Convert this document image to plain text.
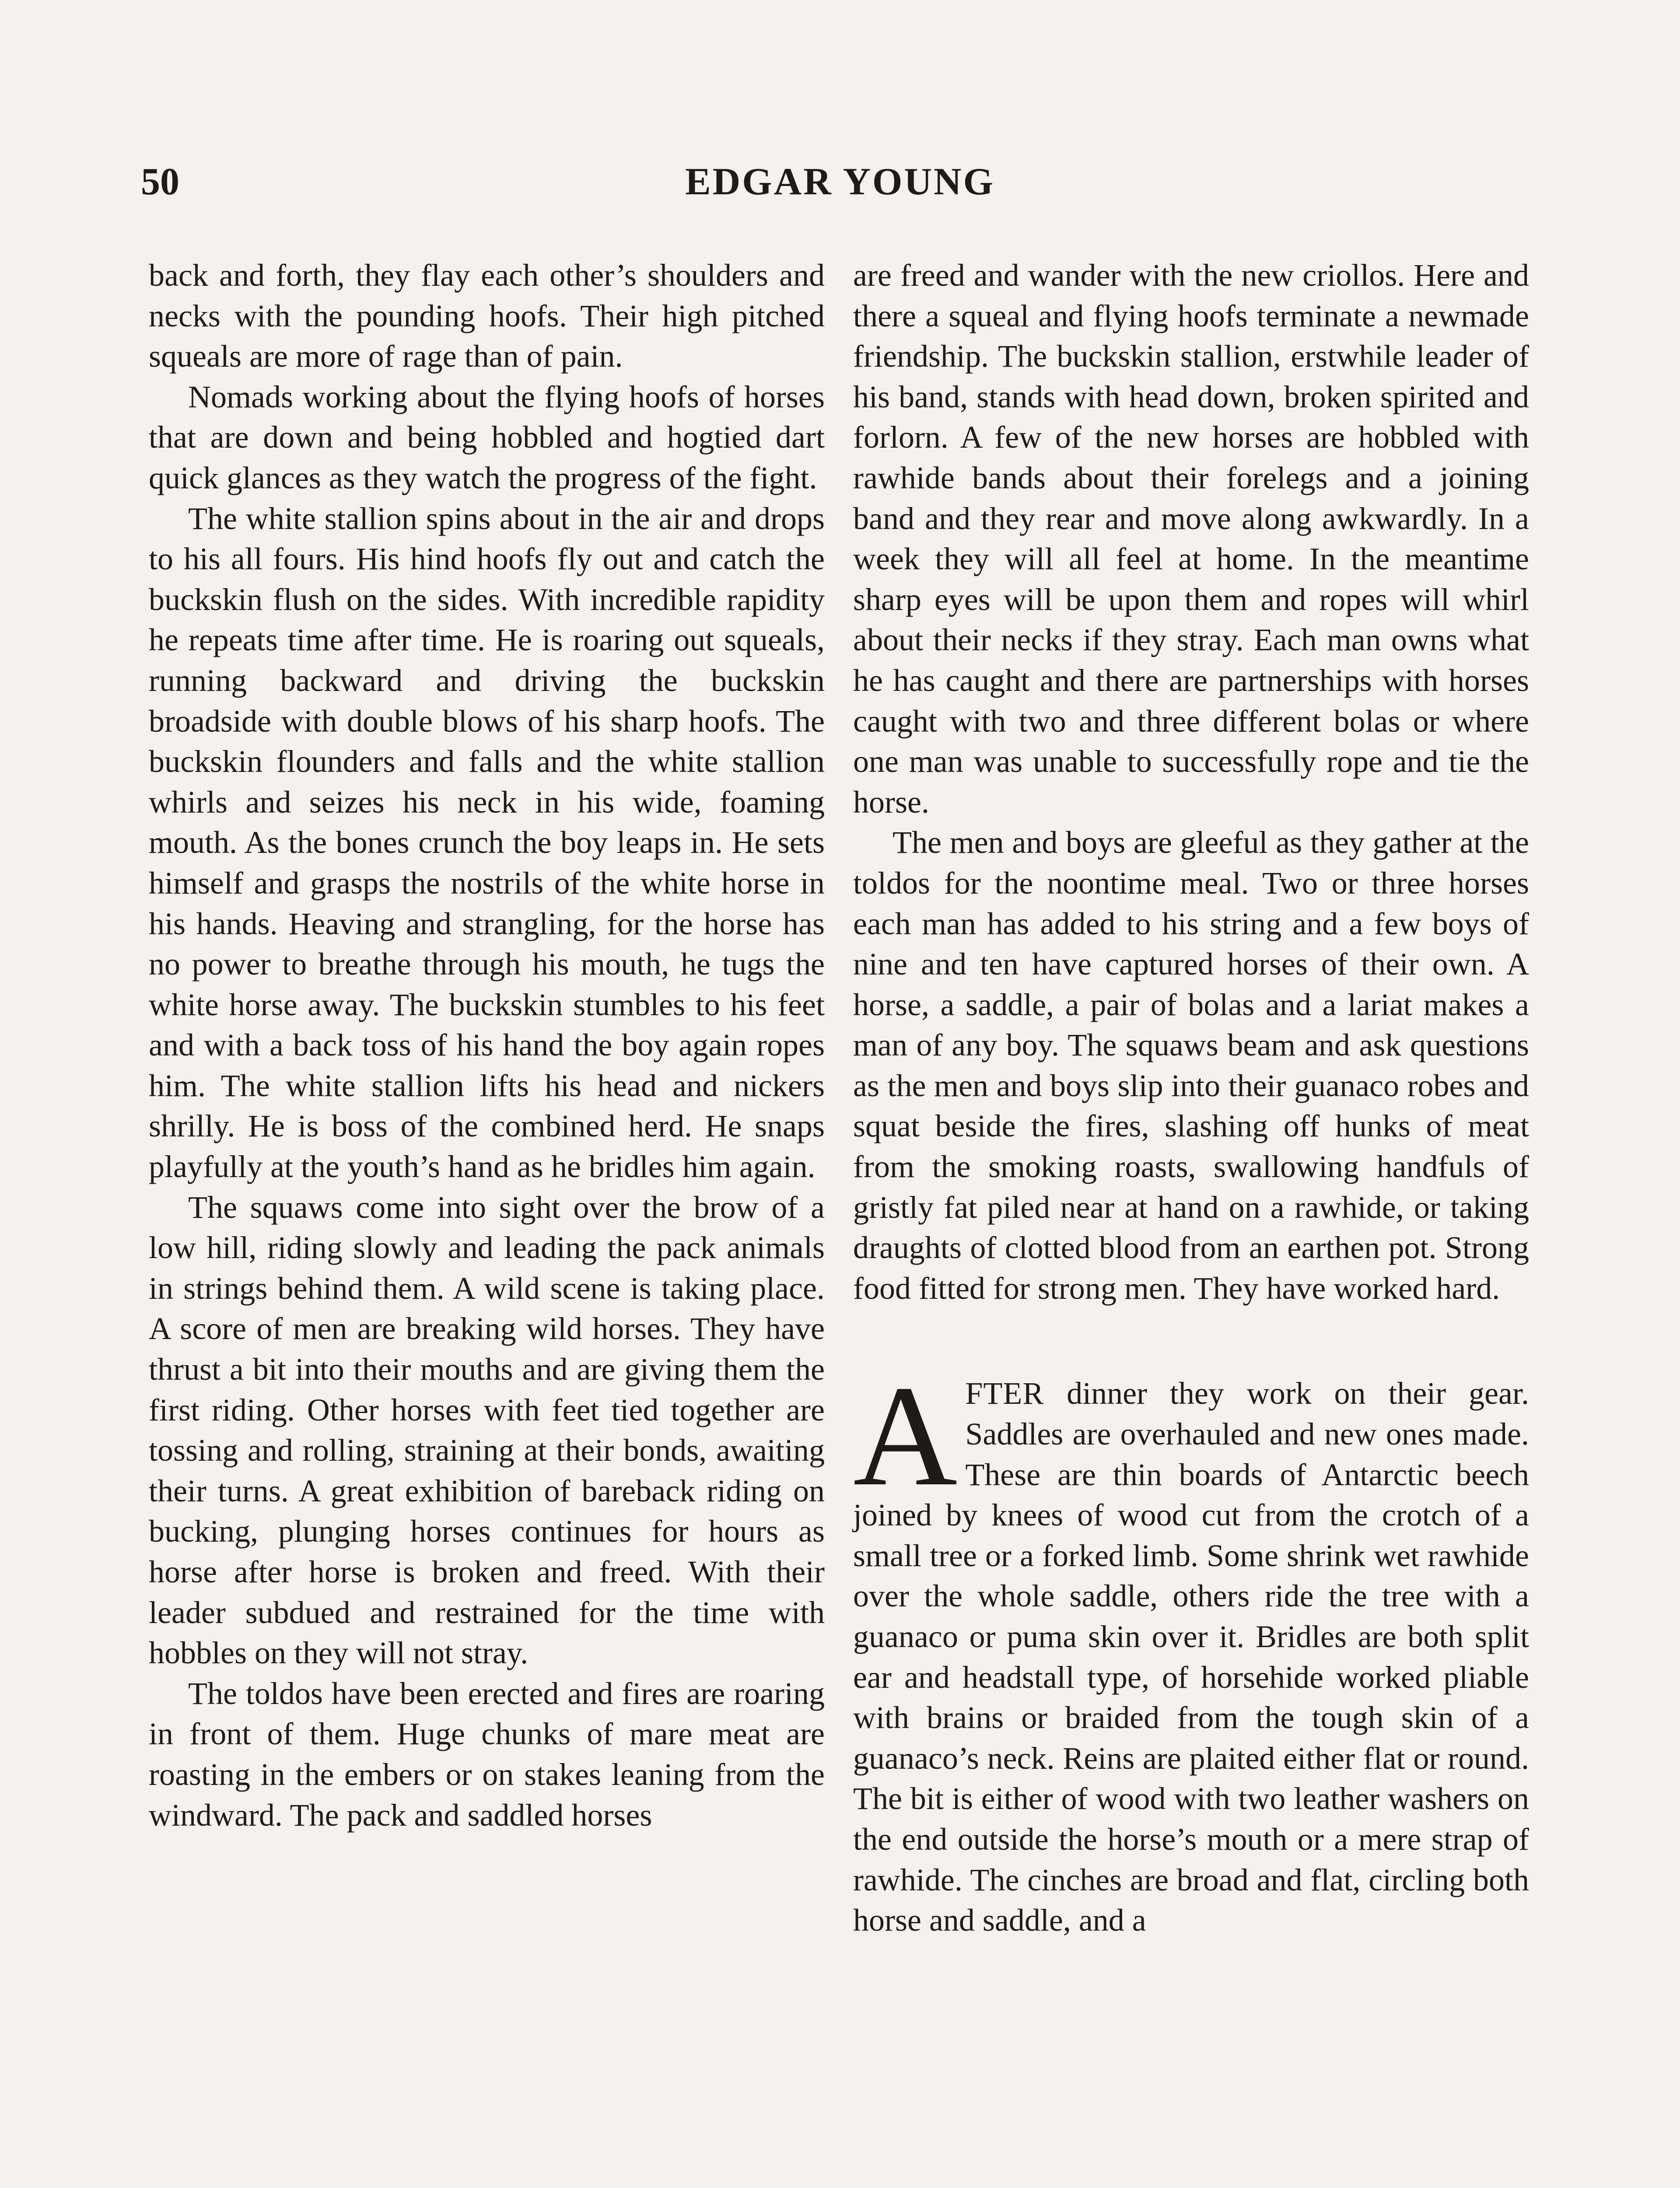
50	EDGAR YOUNG

back and forth, they flay each other’s shoulders and necks with the pounding hoofs. Their high pitched squeals are more of rage than of pain.

Nomads working about the flying hoofs of horses that are down and being hobbled and hogtied dart quick glances as they watch the progress of the fight.

The white stallion spins about in the air and drops to his all fours. His hind hoofs fly out and catch the buckskin flush on the sides. With incredible rapidity he repeats time after time. He is roaring out squeals, running backward and driving the buckskin broadside with double blows of his sharp hoofs. The buckskin flounders and falls and the white stallion whirls and seizes his neck in his wide, foaming mouth. As the bones crunch the boy leaps in. He sets himself and grasps the nostrils of the white horse in his hands. Heaving and strangling, for the horse has no power to breathe through his mouth, he tugs the white horse away. The buckskin stumbles to his feet and with a back toss of his hand the boy again ropes him. The white stallion lifts his head and nickers shrilly. He is boss of the combined herd. He snaps playfully at the youth’s hand as he bridles him again.

The squaws come into sight over the brow of a low hill, riding slowly and leading the pack animals in strings behind them. A wild scene is taking place. A score of men are breaking wild horses. They have thrust a bit into their mouths and are giving them the first riding. Other horses with feet tied together are tossing and rolling, straining at their bonds, awaiting their turns. A great exhibition of bareback riding on bucking, plunging horses continues for hours as horse after horse is broken and freed. With their leader subdued and restrained for the time with hobbles on they will not stray.

The toldos have been erected and fires are roaring in front of them. Huge chunks of mare meat are roasting in the embers or on stakes leaning from the windward. The pack and saddled horses

are freed and wander with the new criollos. Here and there a squeal and flying hoofs terminate a newmade friendship. The buckskin stallion, erstwhile leader of his band, stands with head down, broken spirited and forlorn. A few of the new horses are hobbled with rawhide bands about their forelegs and a joining band and they rear and move along awkwardly. In a week they will all feel at home. In the meantime sharp eyes will be upon them and ropes will whirl about their necks if they stray. Each man owns what he has caught and there are partnerships with horses caught with two and three different bolas or where one man was unable to successfully rope and tie the horse.

The men and boys are gleeful as they gather at the toldos for the noontime meal. Two or three horses each man has added to his string and a few boys of nine and ten have captured horses of their own. A horse, a saddle, a pair of bolas and a lariat makes a man of any boy. The squaws beam and ask questions as the men and boys slip into their guanaco robes and squat beside the fires, slashing off hunks of meat from the smoking roasts, swallowing handfuls of gristly fat piled near at hand on a rawhide, or taking draughts of clotted blood from an earthen pot. Strong food fitted for strong men. They have worked hard.

AFTER dinner they work on their gear. Saddles are overhauled and new ones made. These are thin boards of Antarctic beech joined by knees of wood cut from the crotch of a small tree or a forked limb. Some shrink wet rawhide over the whole saddle, others ride the tree with a guanaco or puma skin over it. Bridles are both split ear and headstall type, of horsehide worked pliable with brains or braided from the tough skin of a guanaco’s neck. Reins are plaited either flat or round. The bit is either of wood with two leather washers on the end outside the horse’s mouth or a mere strap of rawhide. The cinches are broad and flat, circling both horse and saddle, and a
